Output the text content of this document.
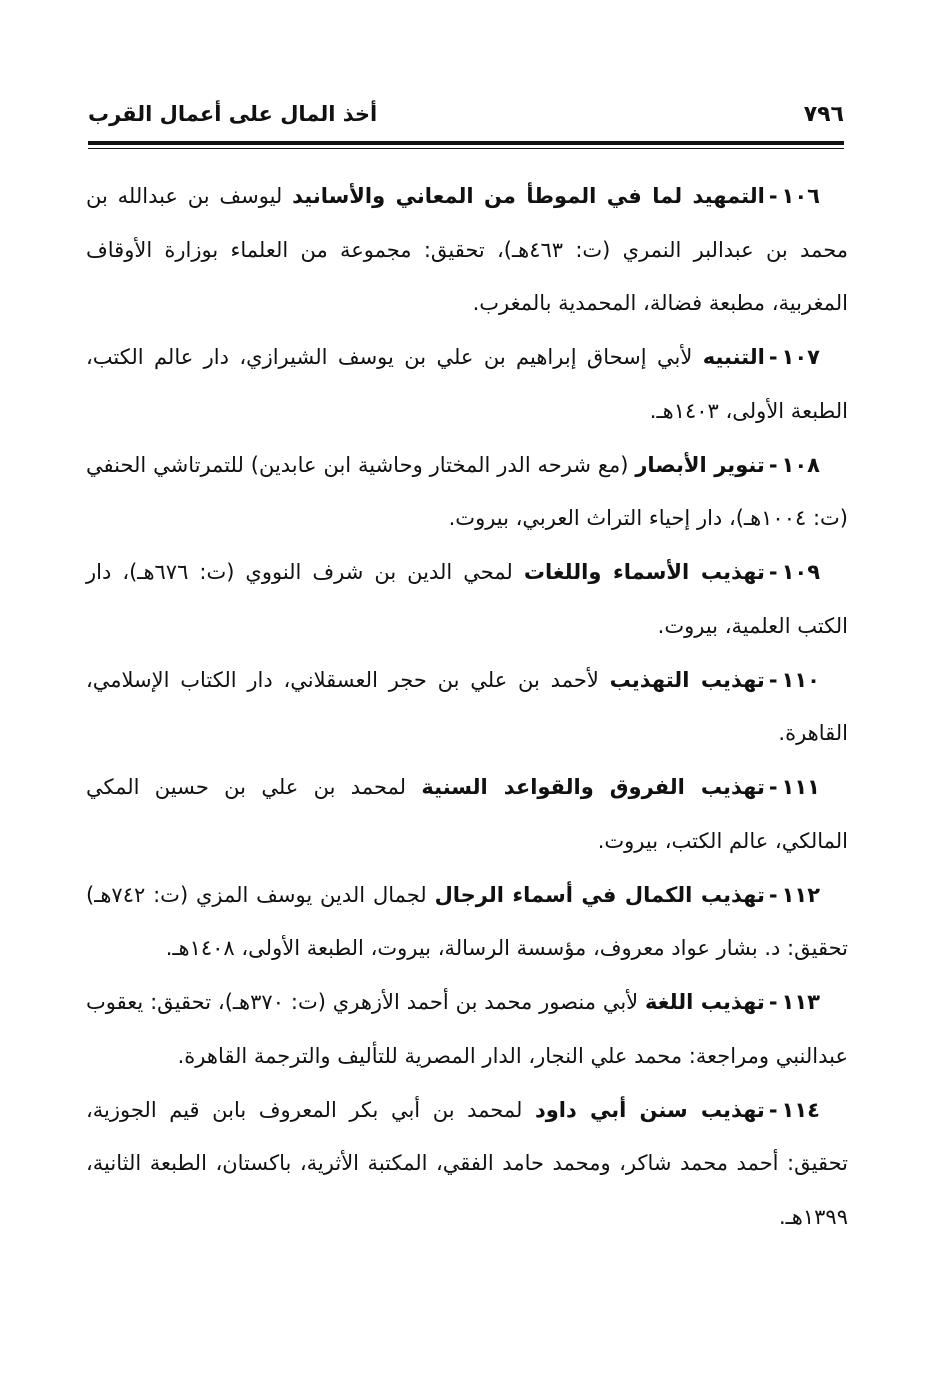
٧٩٦
أخذ المال على أعمال القرب

١٠٦-التمهيد لما في الموطأ من المعاني والأسانيد ليوسف بن عبدالله بن محمد بن عبدالبر النمري (ت: ٤٦٣هـ)، تحقيق: مجموعة من العلماء بوزارة الأوقاف المغربية، مطبعة فضالة، المحمدية بالمغرب.

١٠٧-التنبيه لأبي إسحاق إبراهيم بن علي بن يوسف الشيرازي، دار عالم الكتب، الطبعة الأولى، ١٤٠٣هـ.

١٠٨-تنوير الأبصار (مع شرحه الدر المختار وحاشية ابن عابدين) للتمرتاشي الحنفي (ت: ١٠٠٤هـ)، دار إحياء التراث العربي، بيروت.

١٠٩-تهذيب الأسماء واللغات لمحي الدين بن شرف النووي (ت: ٦٧٦هـ)، دار الكتب العلمية، بيروت.

١١٠-تهذيب التهذيب لأحمد بن علي بن حجر العسقلاني، دار الكتاب الإسلامي، القاهرة.

١١١-تهذيب الفروق والقواعد السنية لمحمد بن علي بن حسين المكي المالكي، عالم الكتب، بيروت.

١١٢-تهذيب الكمال في أسماء الرجال لجمال الدين يوسف المزي (ت: ٧٤٢هـ) تحقيق: د. بشار عواد معروف، مؤسسة الرسالة، بيروت، الطبعة الأولى، ١٤٠٨هـ.

١١٣-تهذيب اللغة لأبي منصور محمد بن أحمد الأزهري (ت: ٣٧٠هـ)، تحقيق: يعقوب عبدالنبي ومراجعة: محمد علي النجار، الدار المصرية للتأليف والترجمة القاهرة.

١١٤-تهذيب سنن أبي داود لمحمد بن أبي بكر المعروف بابن قيم الجوزية، تحقيق: أحمد محمد شاكر، ومحمد حامد الفقي، المكتبة الأثرية، باكستان، الطبعة الثانية، ١٣٩٩هـ.
